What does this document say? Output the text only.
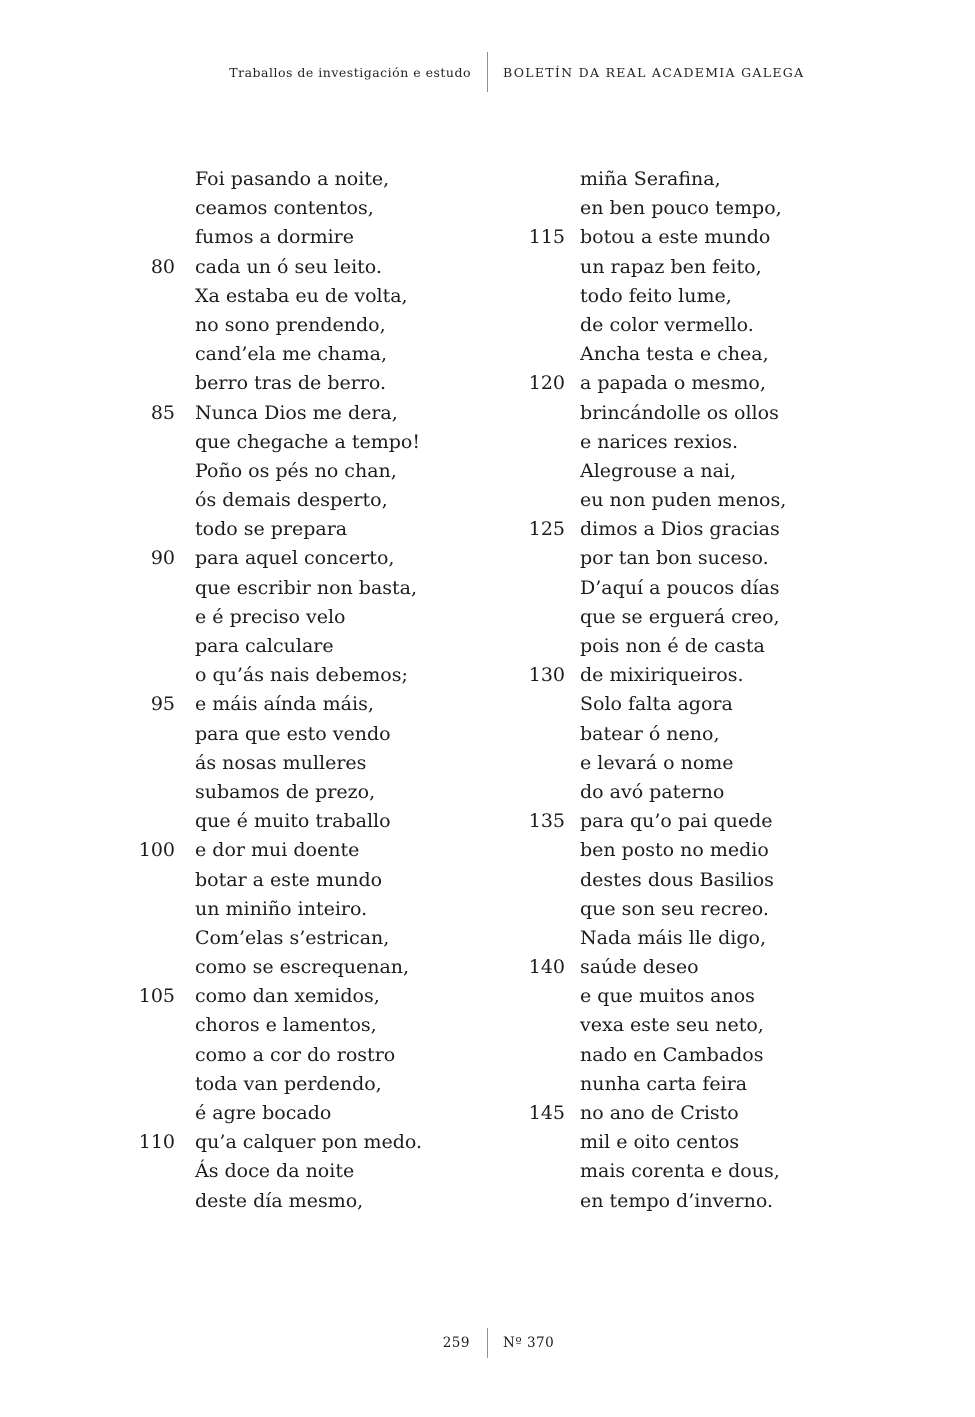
Traballos de investigación e estudo	BOLETÍN DA REAL ACADEMIA GALEGA
Foi pasando a noite,
ceamos contentos,
fumos a dormire
80	cada un ó seu leito.
Xa estaba eu de volta,
no sono prendendo,
cand’ela me chama,
berro tras de berro.
85	Nunca Dios me dera,
que chegache a tempo!
Poño os pés no chan,
ós demais desperto,
todo se prepara
90	para aquel concerto,
que escribir non basta,
e é preciso velo
para calculare
o qu’ás nais debemos;
95	e máis aínda máis,
para que esto vendo
ás nosas mulleres
subamos de prezo,
que é muito traballo
100	e dor mui doente
botar a este mundo
un miniño inteiro.
Com’elas s’estrican,
como se escrequenan,
105	como dan xemidos,
choros e lamentos,
como a cor do rostro
toda van perdendo,
é agre bocado
110	qu’a calquer pon medo.
Ás doce da noite
deste día mesmo,
miña Serafina,
en ben pouco tempo,
115 botou a este mundo
un rapaz ben feito,
todo feito lume,
de color vermello.
Ancha testa e chea,
120 a papada o mesmo,
brincándolle os ollos
e narices rexios.
Alegrouse a nai,
eu non puden menos,
125 dimos a Dios gracias
por tan bon suceso.
D’aquí a poucos días
que se erguerá creo,
pois non é de casta
130 de mixiriqueiros.
Solo falta agora
batear ó neno,
e levará o nome
do avó paterno
135 para qu’o pai quede
ben posto no medio
destes dous Basilios
que son seu recreo.
Nada máis lle digo,
140 saúde deseo
e que muitos anos
vexa este seu neto,
nado en Cambados
nunha carta feira
145 no ano de Cristo
mil e oito centos
mais corenta e dous,
en tempo d’inverno.
259	Nº 370
